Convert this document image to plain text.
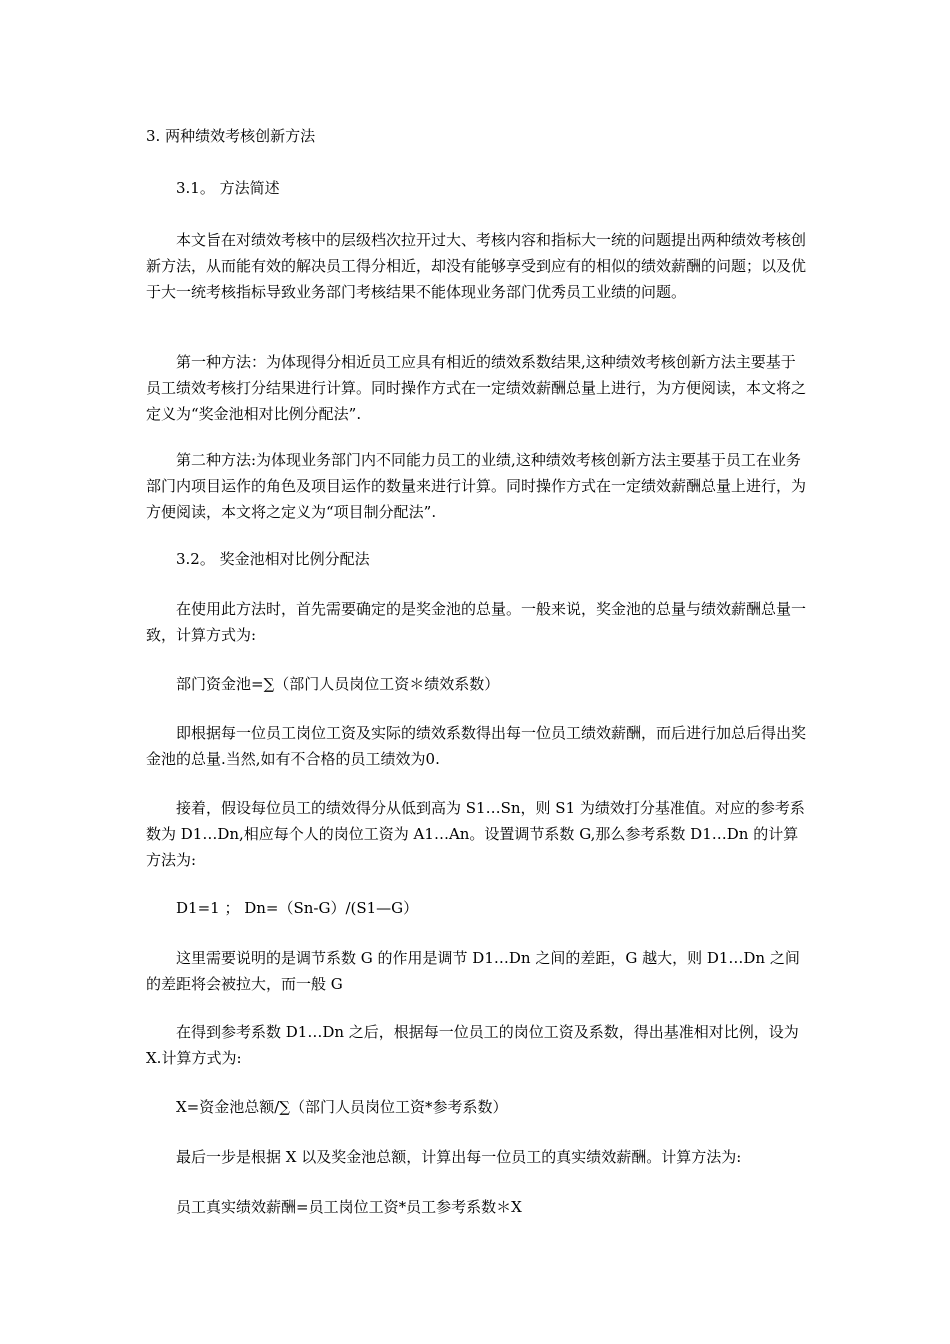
3. 两种绩效考核创新方法

3.1。 方法简述

本文旨在对绩效考核中的层级档次拉开过大、考核内容和指标大一统的问题提出两种绩效考核创新方法，从而能有效的解决员工得分相近，却没有能够享受到应有的相似的绩效薪酬的问题；以及优于大一统考核指标导致业务部门考核结果不能体现业务部门优秀员工业绩的问题。

第一种方法：为体现得分相近员工应具有相近的绩效系数结果,这种绩效考核创新方法主要基于员工绩效考核打分结果进行计算。同时操作方式在一定绩效薪酬总量上进行，为方便阅读，本文将之定义为“奖金池相对比例分配法”.

第二种方法:为体现业务部门内不同能力员工的业绩,这种绩效考核创新方法主要基于员工在业务部门内项目运作的角色及项目运作的数量来进行计算。同时操作方式在一定绩效薪酬总量上进行，为方便阅读，本文将之定义为“项目制分配法”.

3.2。 奖金池相对比例分配法

在使用此方法时，首先需要确定的是奖金池的总量。一般来说，奖金池的总量与绩效薪酬总量一致，计算方式为:

部门资金池=∑（部门人员岗位工资＊绩效系数）

即根据每一位员工岗位工资及实际的绩效系数得出每一位员工绩效薪酬，而后进行加总后得出奖金池的总量.当然,如有不合格的员工绩效为0.

接着，假设每位员工的绩效得分从低到高为 S1…Sn，则 S1 为绩效打分基准值。对应的参考系数为 D1…Dn,相应每个人的岗位工资为 A1…An。设置调节系数 G,那么参考系数 D1…Dn 的计算方法为:

D1=1 ； Dn=（Sn-G）/(S1—G）

这里需要说明的是调节系数 G 的作用是调节 D1…Dn 之间的差距，G 越大，则 D1…Dn 之间的差距将会被拉大，而一般 G

在得到参考系数 D1…Dn 之后，根据每一位员工的岗位工资及系数，得出基准相对比例，设为 X.计算方式为:

X=资金池总额/∑（部门人员岗位工资*参考系数）

最后一步是根据 X 以及奖金池总额，计算出每一位员工的真实绩效薪酬。计算方法为:

员工真实绩效薪酬=员工岗位工资*员工参考系数＊X
